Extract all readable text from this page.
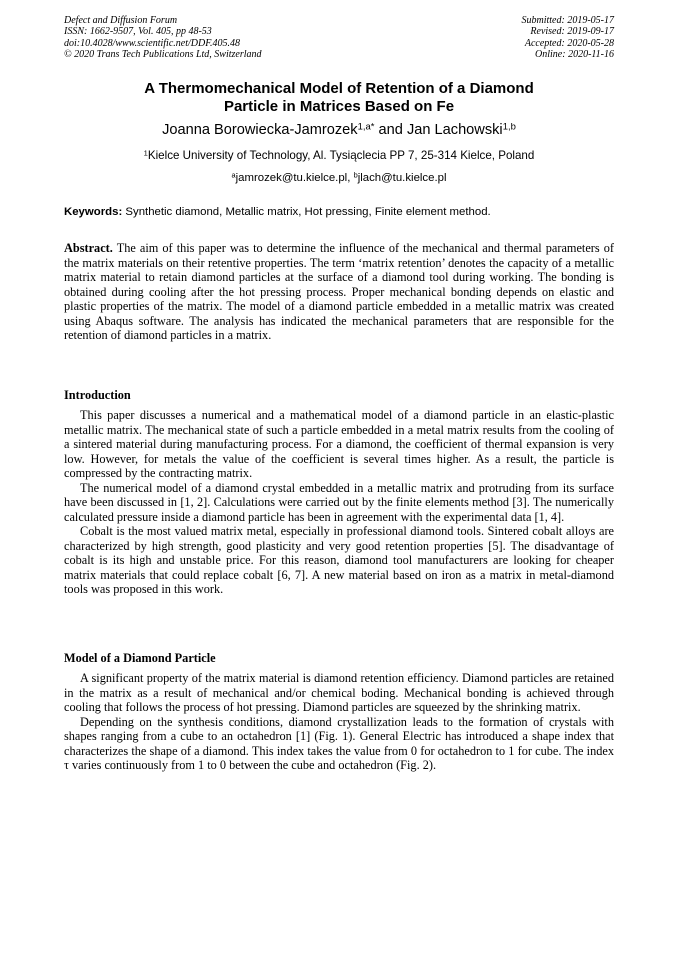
Defect and Diffusion Forum
ISSN: 1662-9507, Vol. 405, pp 48-53
doi:10.4028/www.scientific.net/DDF.405.48
© 2020 Trans Tech Publications Ltd, Switzerland
Submitted: 2019-05-17
Revised: 2019-09-17
Accepted: 2020-05-28
Online: 2020-11-16
A Thermomechanical Model of Retention of a Diamond
Particle in Matrices Based on Fe
Joanna Borowiecka-Jamrozek$^{1,a*}$ and Jan Lachowski$^{1,b}$
$^1$Kielce University of Technology, Al. Tysiąclecia PP 7, 25-314 Kielce, Poland
$^a$jamrozek@tu.kielce.pl, $^b$jlach@tu.kielce.pl
Keywords: Synthetic diamond, Metallic matrix, Hot pressing, Finite element method.
Abstract. The aim of this paper was to determine the influence of the mechanical and thermal parameters of the matrix materials on their retentive properties. The term ‘matrix retention’ denotes the capacity of a metallic matrix material to retain diamond particles at the surface of a diamond tool during working. The bonding is obtained during cooling after the hot pressing process. Proper mechanical bonding depends on elastic and plastic properties of the matrix. The model of a diamond particle embedded in a metallic matrix was created using Abaqus software. The analysis has indicated the mechanical parameters that are responsible for the retention of diamond particles in a matrix.
Introduction

This paper discusses a numerical and a mathematical model of a diamond particle in an elastic-plastic metallic matrix. The mechanical state of such a particle embedded in a metal matrix results from the cooling of a sintered material during manufacturing process. For a diamond, the coefficient of thermal expansion is very low. However, for metals the value of the coefficient is several times higher. As a result, the particle is compressed by the contracting matrix.

The numerical model of a diamond crystal embedded in a metallic matrix and protruding from its surface have been discussed in [1, 2]. Calculations were carried out by the finite elements method [3]. The numerically calculated pressure inside a diamond particle has been in agreement with the experimental data [1, 4].

Cobalt is the most valued matrix metal, especially in professional diamond tools. Sintered cobalt alloys are characterized by high strength, good plasticity and very good retention properties [5]. The disadvantage of cobalt is its high and unstable price. For this reason, diamond tool manufacturers are looking for cheaper matrix materials that could replace cobalt [6, 7]. A new material based on iron as a matrix in metal-diamond tools was proposed in this work.

Model of a Diamond Particle

A significant property of the matrix material is diamond retention efficiency. Diamond particles are retained in the matrix as a result of mechanical and/or chemical boding. Mechanical bonding is achieved through cooling that follows the process of hot pressing. Diamond particles are squeezed by the shrinking matrix.

Depending on the synthesis conditions, diamond crystallization leads to the formation of crystals with shapes ranging from a cube to an octahedron [1] (Fig. 1). General Electric has introduced a shape index that characterizes the shape of a diamond. This index takes the value from 0 for octahedron to 1 for cube. The index τ varies continuously from 1 to 0 between the cube and octahedron (Fig. 2).
